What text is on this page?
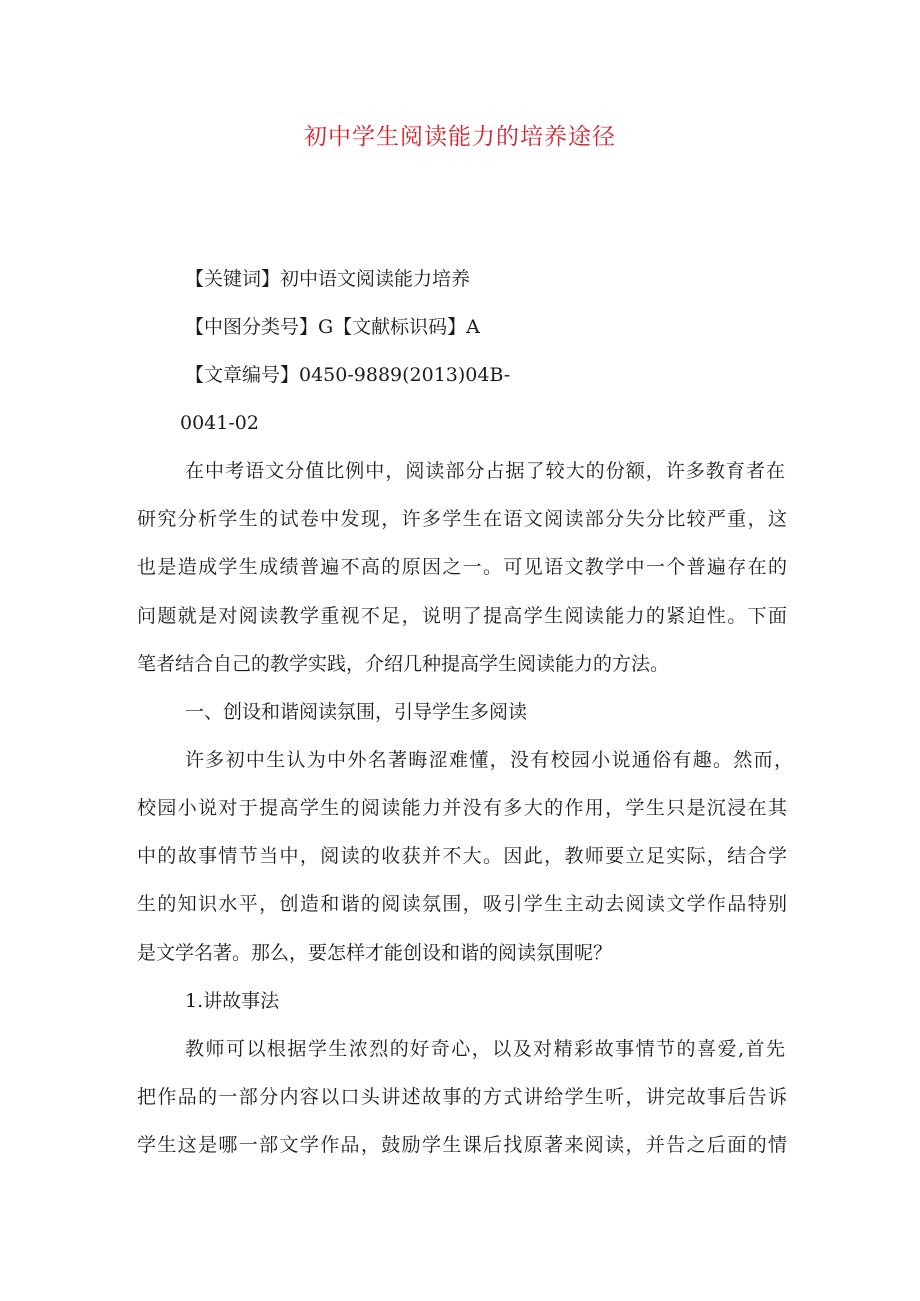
初中学生阅读能力的培养途径

【关键词】初中语文阅读能力培养

【中图分类号】G【文献标识码】A

【文章编号】0450-9889(2013)04B-

0041-02

在中考语文分值比例中，阅读部分占据了较大的份额，许多教育者在

研究分析学生的试卷中发现，许多学生在语文阅读部分失分比较严重，这

也是造成学生成绩普遍不高的原因之一。可见语文教学中一个普遍存在的

问题就是对阅读教学重视不足，说明了提高学生阅读能力的紧迫性。下面

笔者结合自己的教学实践，介绍几种提高学生阅读能力的方法。

一、创设和谐阅读氛围，引导学生多阅读

许多初中生认为中外名著晦涩难懂，没有校园小说通俗有趣。然而，

校园小说对于提高学生的阅读能力并没有多大的作用，学生只是沉浸在其

中的故事情节当中，阅读的收获并不大。因此，教师要立足实际，结合学

生的知识水平，创造和谐的阅读氛围，吸引学生主动去阅读文学作品特别

是文学名著。那么，要怎样才能创设和谐的阅读氛围呢？

1.讲故事法

教师可以根据学生浓烈的好奇心，以及对精彩故事情节的喜爱,首先

把作品的一部分内容以口头讲述故事的方式讲给学生听，讲完故事后告诉

学生这是哪一部文学作品，鼓励学生课后找原著来阅读，并告之后面的情
